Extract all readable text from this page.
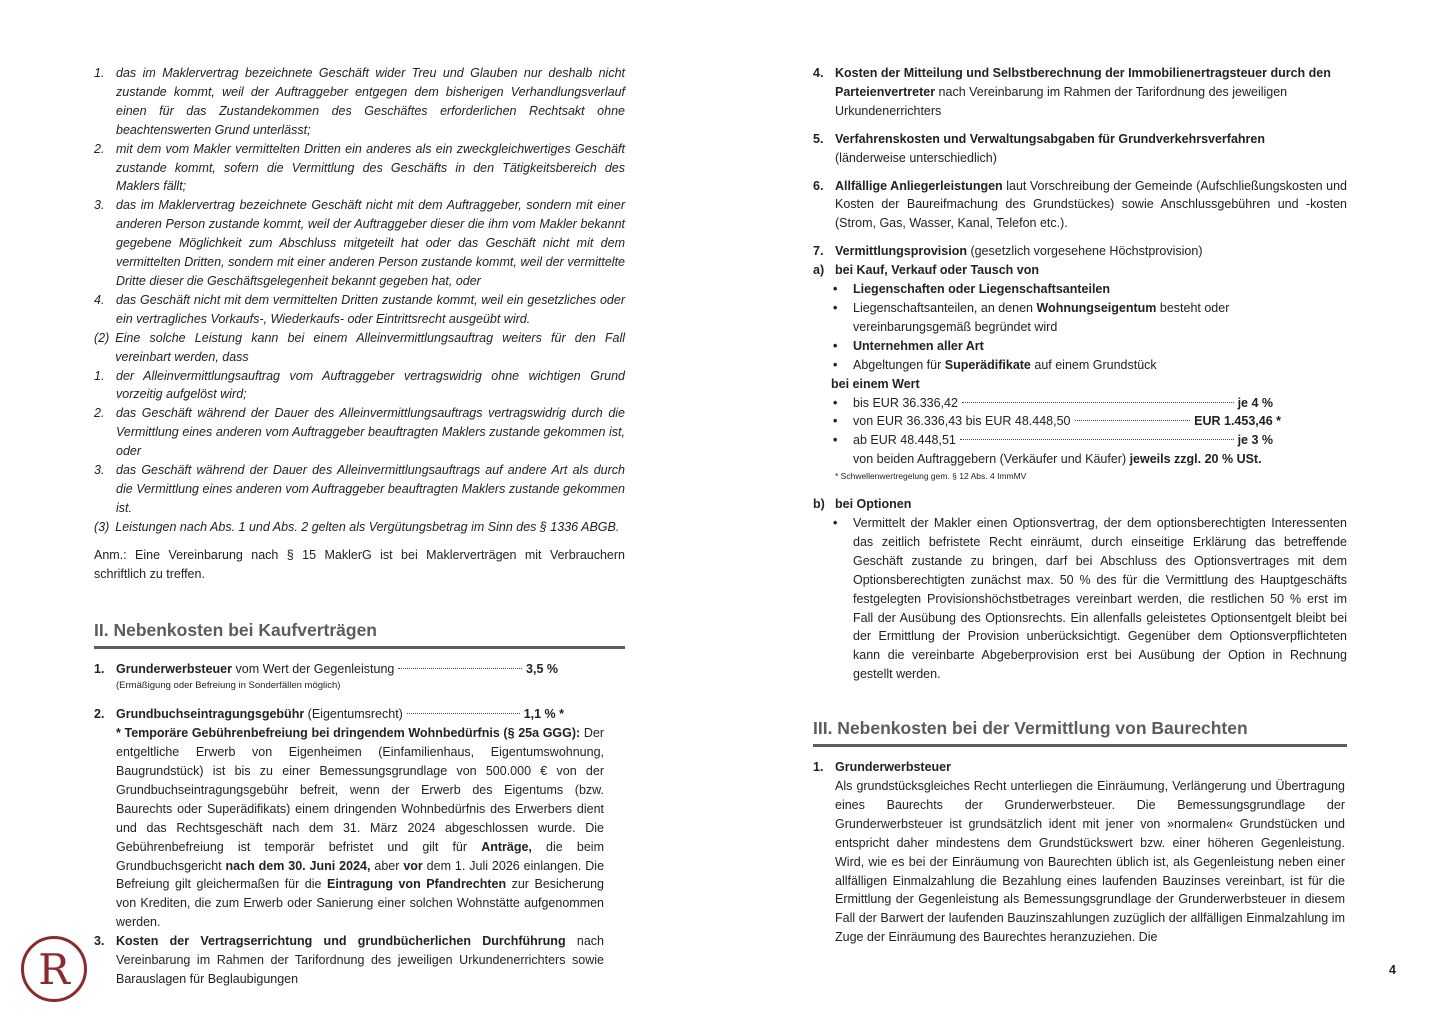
1. das im Maklervertrag bezeichnete Geschäft wider Treu und Glauben nur deshalb nicht zustande kommt, weil der Auftraggeber entgegen dem bisherigen Verhandlungsverlauf einen für das Zustandekommen des Geschäftes erforderlichen Rechtsakt ohne beachtenswerten Grund unterlässt;
2. mit dem vom Makler vermittelten Dritten ein anderes als ein zweckgleichwertiges Geschäft zustande kommt, sofern die Vermittlung des Geschäfts in den Tätigkeitsbereich des Maklers fällt;
3. das im Maklervertrag bezeichnete Geschäft nicht mit dem Auftraggeber, sondern mit einer anderen Person zustande kommt, weil der Auftraggeber dieser die ihm vom Makler bekannt gegebene Möglichkeit zum Abschluss mitgeteilt hat oder das Geschäft nicht mit dem vermittelten Dritten, sondern mit einer anderen Person zustande kommt, weil der vermittelte Dritte dieser die Geschäftsgelegenheit bekannt gegeben hat, oder
4. das Geschäft nicht mit dem vermittelten Dritten zustande kommt, weil ein gesetzliches oder ein vertragliches Vorkaufs-, Wiederkaufs- oder Eintrittsrecht ausgeübt wird.
(2) Eine solche Leistung kann bei einem Alleinvermittlungsauftrag weiters für den Fall vereinbart werden, dass
1. der Alleinvermittlungsauftrag vom Auftraggeber vertragswidrig ohne wichtigen Grund vorzeitig aufgelöst wird;
2. das Geschäft während der Dauer des Alleinvermittlungsauftrags vertragswidrig durch die Vermittlung eines anderen vom Auftraggeber beauftragten Maklers zustande gekommen ist, oder
3. das Geschäft während der Dauer des Alleinvermittlungsauftrags auf andere Art als durch die Vermittlung eines anderen vom Auftraggeber beauftragten Maklers zustande gekommen ist.
(3) Leistungen nach Abs. 1 und Abs. 2 gelten als Vergütungsbetrag im Sinn des § 1336 ABGB.

Anm.: Eine Vereinbarung nach § 15 MaklerG ist bei Maklerverträgen mit Verbrauchern schriftlich zu treffen.

II. Nebenkosten bei Kaufverträgen
1. Grunderwerbsteuer vom Wert der Gegenleistung	3,5 %
(Ermäßigung oder Befreiung in Sonderfällen möglich)
2. Grundbuchseintragungsgebühr (Eigentumsrecht)	1,1 % *
* Temporäre Gebührenbefreiung bei dringendem Wohnbedürfnis (§ 25a GGG): Der entgeltliche Erwerb von Eigenheimen (Einfamilienhaus, Eigentumswohnung, Baugrundstück) ist bis zu einer Bemessungsgrundlage von 500.000 € von der Grundbuchseintragungsgebühr befreit, wenn der Erwerb des Eigentums (bzw. Baurechts oder Superädifikats) einem dringenden Wohnbedürfnis des Erwerbers dient und das Rechtsgeschäft nach dem 31. März 2024 abgeschlossen wurde. Die Gebührenbefreiung ist temporär befristet und gilt für Anträge, die beim Grundbuchsgericht nach dem 30. Juni 2024, aber vor dem 1. Juli 2026 einlangen. Die Befreiung gilt gleichermaßen für die Eintragung von Pfandrechten zur Besicherung von Krediten, die zum Erwerb oder Sanierung einer solchen Wohnstätte aufgenommen werden.
3. Kosten der Vertragserrichtung und grundbücherlichen Durchführung nach Vereinbarung im Rahmen der Tarifordnung des jeweiligen Urkundenerrichters sowie Barauslagen für Beglaubigungen
4. Kosten der Mitteilung und Selbstberechnung der Immobilienertragsteuer durch den Parteienvertreter nach Vereinbarung im Rahmen der Tarifordnung des jeweiligen Urkundenerrichters
5. Verfahrenskosten und Verwaltungsabgaben für Grundverkehrsverfahren
(länderweise unterschiedlich)
6. Allfällige Anliegerleistungen laut Vorschreibung der Gemeinde (Aufschließungskosten und Kosten der Baureifmachung des Grundstückes) sowie Anschlussgebühren und -kosten (Strom, Gas, Wasser, Kanal, Telefon etc.).
7. Vermittlungsprovision (gesetzlich vorgesehene Höchstprovision)
a) bei Kauf, Verkauf oder Tausch von
•	Liegenschaften oder Liegenschaftsanteilen
•	Liegenschaftsanteilen, an denen Wohnungseigentum besteht oder vereinbarungsgemäß begründet wird
•	Unternehmen aller Art
•	Abgeltungen für Superädifikate auf einem Grundstück
bei einem Wert
•	bis EUR 36.336,42	je 4 %
•	von EUR 36.336,43 bis EUR 48.448,50	EUR 1.453,46 *
•	ab EUR 48.448,51	je 3 %
von beiden Auftraggebern (Verkäufer und Käufer) jeweils zzgl. 20 % USt.
* Schwellenwertregelung gem. § 12 Abs. 4 ImmMV
b) bei Optionen
•	Vermittelt der Makler einen Optionsvertrag, der dem optionsberechtigten Interessenten das zeitlich befristete Recht einräumt, durch einseitige Erklärung das betreffende Geschäft zustande zu bringen, darf bei Abschluss des Optionsvertrages mit dem Optionsberechtigten zunächst max. 50 % des für die Vermittlung des Hauptgeschäfts festgelegten Provisionshöchstbetrages vereinbart werden, die restlichen 50 % erst im Fall der Ausübung des Optionsrechts. Ein allenfalls geleistetes Optionsentgelt bleibt bei der Ermittlung der Provision unberücksichtigt. Gegenüber dem Optionsverpflichteten kann die vereinbarte Abgeberprovision erst bei Ausübung der Option in Rechnung gestellt werden.
III. Nebenkosten bei der Vermittlung von Baurechten
1. Grunderwerbsteuer
Als grundstücksgleiches Recht unterliegen die Einräumung, Verlängerung und Übertragung eines Baurechts der Grunderwerbsteuer. Die Bemessungsgrundlage der Grunderwerbsteuer ist grundsätzlich ident mit jener von »normalen« Grundstücken und entspricht daher mindestens dem Grundstückswert bzw. einer höheren Gegenleistung. Wird, wie es bei der Einräumung von Baurechten üblich ist, als Gegenleistung neben einer allfälligen Einmalzahlung die Bezahlung eines laufenden Bauzinses vereinbart, ist für die Ermittlung der Gegenleistung als Bemessungsgrundlage der Grunderwerbsteuer in diesem Fall der Barwert der laufenden Bauzinszahlungen zuzüglich der allfälligen Einmalzahlung im Zuge der Einräumung des Baurechtes heranzuziehen. Die
4
R
